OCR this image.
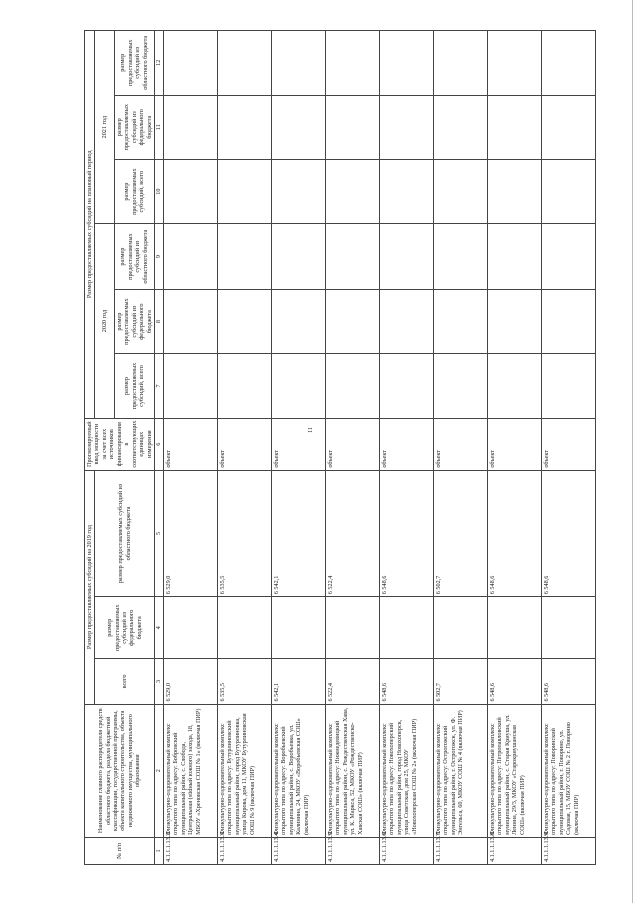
11
№ п/п	Наименование главного распорядителя средств областного бюджета, раздела бюджетной классификации, государственной программы, объекта капитального строительства, объекта недвижимого имущества, муниципального образования	Размер предоставляемых субсидий на 2019 год			Прогнозируемый ввод мощности за счет всех источников финансирования в соответствующих единицах измерения	Размер предоставляемых субсидий на плановый период					
		всего	размер предоставляемых субсидий из федерального бюджета	размер предоставляемых субсидий из областного бюджета		2020 год			2021 год		
						размер предоставляемых субсидий, всего	размер предоставляемых субсидий из федерального бюджета	размер предоставляемых субсидий из областного бюджета	размер предоставляемых субсидий, всего	размер предоставляемых субсидий из федерального бюджета	размер предоставляемых субсидий из областного бюджета
1	2	3	4	5	6	7	8	9	10	11	12
4.1.1.1.13.2.	Физкультурно-оздоровительный комплекс открытого типа по адресу: Бобровский муниципальный район, с. Слобода, Центральная (südный южного) захода, 18, МБОУ «Хреновская СОШ № 1» (включая ПИР)	6 529,0		6 529,0	объект						
4.1.1.1.13.3.	Физкультурно-оздоровительный комплекс открытого типа по адресу: Бутурлиновский муниципальный район, город Бутурлиновка, улица Кирова, дом 11, МКОУ Бутурлиновская ООШ № 9 (включая ПИР)	6 535,5		6 535,5	объект						
4.1.1.1.13.4.	Физкультурно-оздоровительный комплекс открытого типа по адресу: Воробьевский муниципальный район, с. Воробьевка, ул. Калинина, 24, МКОУ «Воробьевская СОШ» (включая ПИР)	6 542,1		6 542,1	объект						
4.1.1.1.13.5.	Физкультурно-оздоровительный комплекс открытого типа по адресу: Нижнедевицкий муниципальный район, с. Рождественская Хава, ул. К. Маркса, 52, МКОУ «Рождественско-Хавская СОШ» (включая ПИР)	6 522,4		6 522,4	объект						
4.1.1.1.13.6.	Физкультурно-оздоровительный комплекс открытого типа по адресу: Новохоперский муниципальный район, город Новохоперск, улица Советская, дом 25, МКОУ «Новохоперская СОШ № 2» (включая ПИР)	6 548,6		6 548,6	объект						
4.1.1.1.13.7.	Физкультурно-оздоровительный комплекс открытого типа по адресу: Острогожский муниципальный район, г. Острогожск, ул. Ф. Энгельса, 60, МКОУ СОШ № 4 (включая ПИР)	6 502,7		6 502,7	объект						
4.1.1.1.13.8.	Физкультурно-оздоровительный комплекс открытого типа по адресу: Петропавловский муниципальный район, с. Старая Криуша, ул. Ленина, 29/3, МКОУ «Старокриушанская СОШ» (включая ПИР)	6 548,6		6 548,6	объект						
4.1.1.1.13.9.	Физкультурно-оздоровительный комплекс открытого типа по адресу: Поворинский муниципальный район, г. Поворино, ул. Садовая, 15, МБОУ СОШ № 2 г. Поворино (включая ПИР)	6 548,6		6 548,6	объект						
